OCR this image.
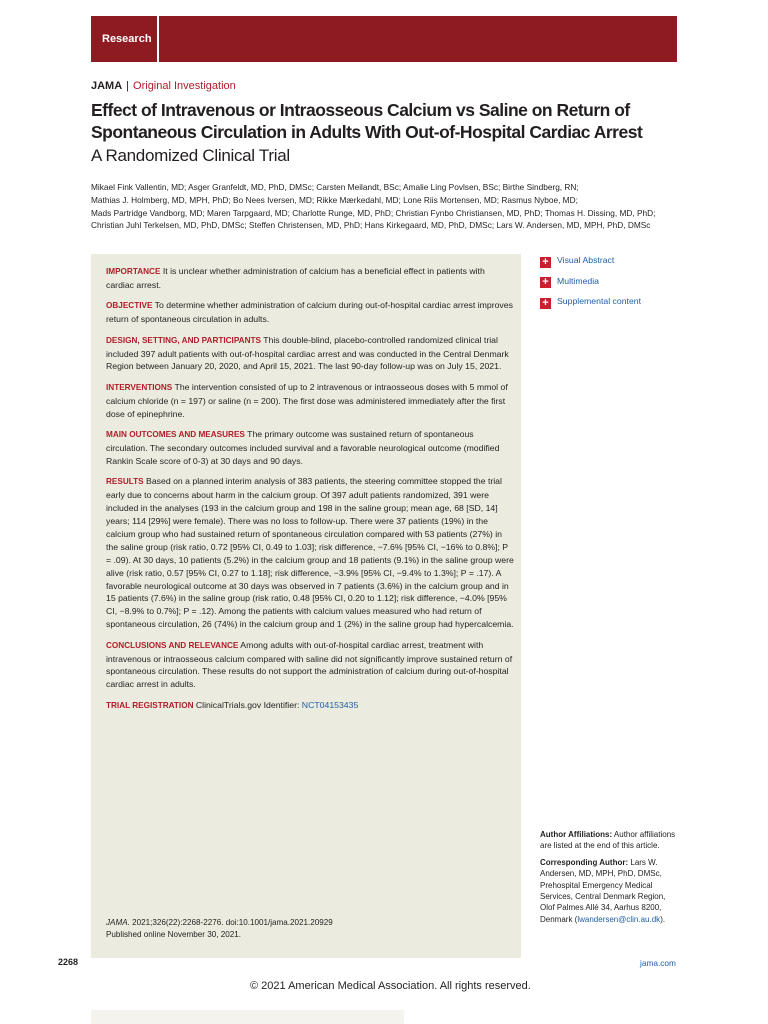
Research
JAMA | Original Investigation
Effect of Intravenous or Intraosseous Calcium vs Saline on Return of Spontaneous Circulation in Adults With Out-of-Hospital Cardiac Arrest
A Randomized Clinical Trial
Mikael Fink Vallentin, MD; Asger Granfeldt, MD, PhD, DMSc; Carsten Meilandt, BSc; Amalie Ling Povlsen, BSc; Birthe Sindberg, RN;
Mathias J. Holmberg, MD, MPH, PhD; Bo Nees Iversen, MD; Rikke Mærkedahl, MD; Lone Riis Mortensen, MD; Rasmus Nyboe, MD;
Mads Partridge Vandborg, MD; Maren Tarpgaard, MD; Charlotte Runge, MD, PhD; Christian Fynbo Christiansen, MD, PhD; Thomas H. Dissing, MD, PhD;
Christian Juhl Terkelsen, MD, PhD, DMSc; Steffen Christensen, MD, PhD; Hans Kirkegaard, MD, PhD, DMSc; Lars W. Andersen, MD, MPH, PhD, DMSc

IMPORTANCE It is unclear whether administration of calcium has a beneficial effect in patients with cardiac arrest.

OBJECTIVE To determine whether administration of calcium during out-of-hospital cardiac arrest improves return of spontaneous circulation in adults.

DESIGN, SETTING, AND PARTICIPANTS This double-blind, placebo-controlled randomized clinical trial included 397 adult patients with out-of-hospital cardiac arrest and was conducted in the Central Denmark Region between January 20, 2020, and April 15, 2021. The last 90-day follow-up was on July 15, 2021.

INTERVENTIONS The intervention consisted of up to 2 intravenous or intraosseous doses with 5 mmol of calcium chloride (n = 197) or saline (n = 200). The first dose was administered immediately after the first dose of epinephrine.

MAIN OUTCOMES AND MEASURES The primary outcome was sustained return of spontaneous circulation. The secondary outcomes included survival and a favorable neurological outcome (modified Rankin Scale score of 0-3) at 30 days and 90 days.

RESULTS Based on a planned interim analysis of 383 patients, the steering committee stopped the trial early due to concerns about harm in the calcium group. Of 397 adult patients randomized, 391 were included in the analyses (193 in the calcium group and 198 in the saline group; mean age, 68 [SD, 14] years; 114 [29%] were female). There was no loss to follow-up. There were 37 patients (19%) in the calcium group who had sustained return of spontaneous circulation compared with 53 patients (27%) in the saline group (risk ratio, 0.72 [95% CI, 0.49 to 1.03]; risk difference, −7.6% [95% CI, −16% to 0.8%]; P = .09). At 30 days, 10 patients (5.2%) in the calcium group and 18 patients (9.1%) in the saline group were alive (risk ratio, 0.57 [95% CI, 0.27 to 1.18]; risk difference, −3.9% [95% CI, −9.4% to 1.3%]; P = .17). A favorable neurological outcome at 30 days was observed in 7 patients (3.6%) in the calcium group and in 15 patients (7.6%) in the saline group (risk ratio, 0.48 [95% CI, 0.20 to 1.12]; risk difference, −4.0% [95% CI, −8.9% to 0.7%]; P = .12). Among the patients with calcium values measured who had return of spontaneous circulation, 26 (74%) in the calcium group and 1 (2%) in the saline group had hypercalcemia.

CONCLUSIONS AND RELEVANCE Among adults with out-of-hospital cardiac arrest, treatment with intravenous or intraosseous calcium compared with saline did not significantly improve sustained return of spontaneous circulation. These results do not support the administration of calcium during out-of-hospital cardiac arrest in adults.

TRIAL REGISTRATION ClinicalTrials.gov Identifier: NCT04153435

JAMA. 2021;326(22):2268-2276. doi:10.1001/jama.2021.20929
Published online November 30, 2021.
+ Visual Abstract
+ Multimedia
+ Supplemental content

Author Affiliations: Author affiliations are listed at the end of this article.

Corresponding Author: Lars W. Andersen, MD, MPH, PhD, DMSc, Prehospital Emergency Medical Services, Central Denmark Region, Olof Palmes Allé 34, Aarhus 8200, Denmark (lwandersen@clin.au.dk).

2268	jama.com
© 2021 American Medical Association. All rights reserved.
